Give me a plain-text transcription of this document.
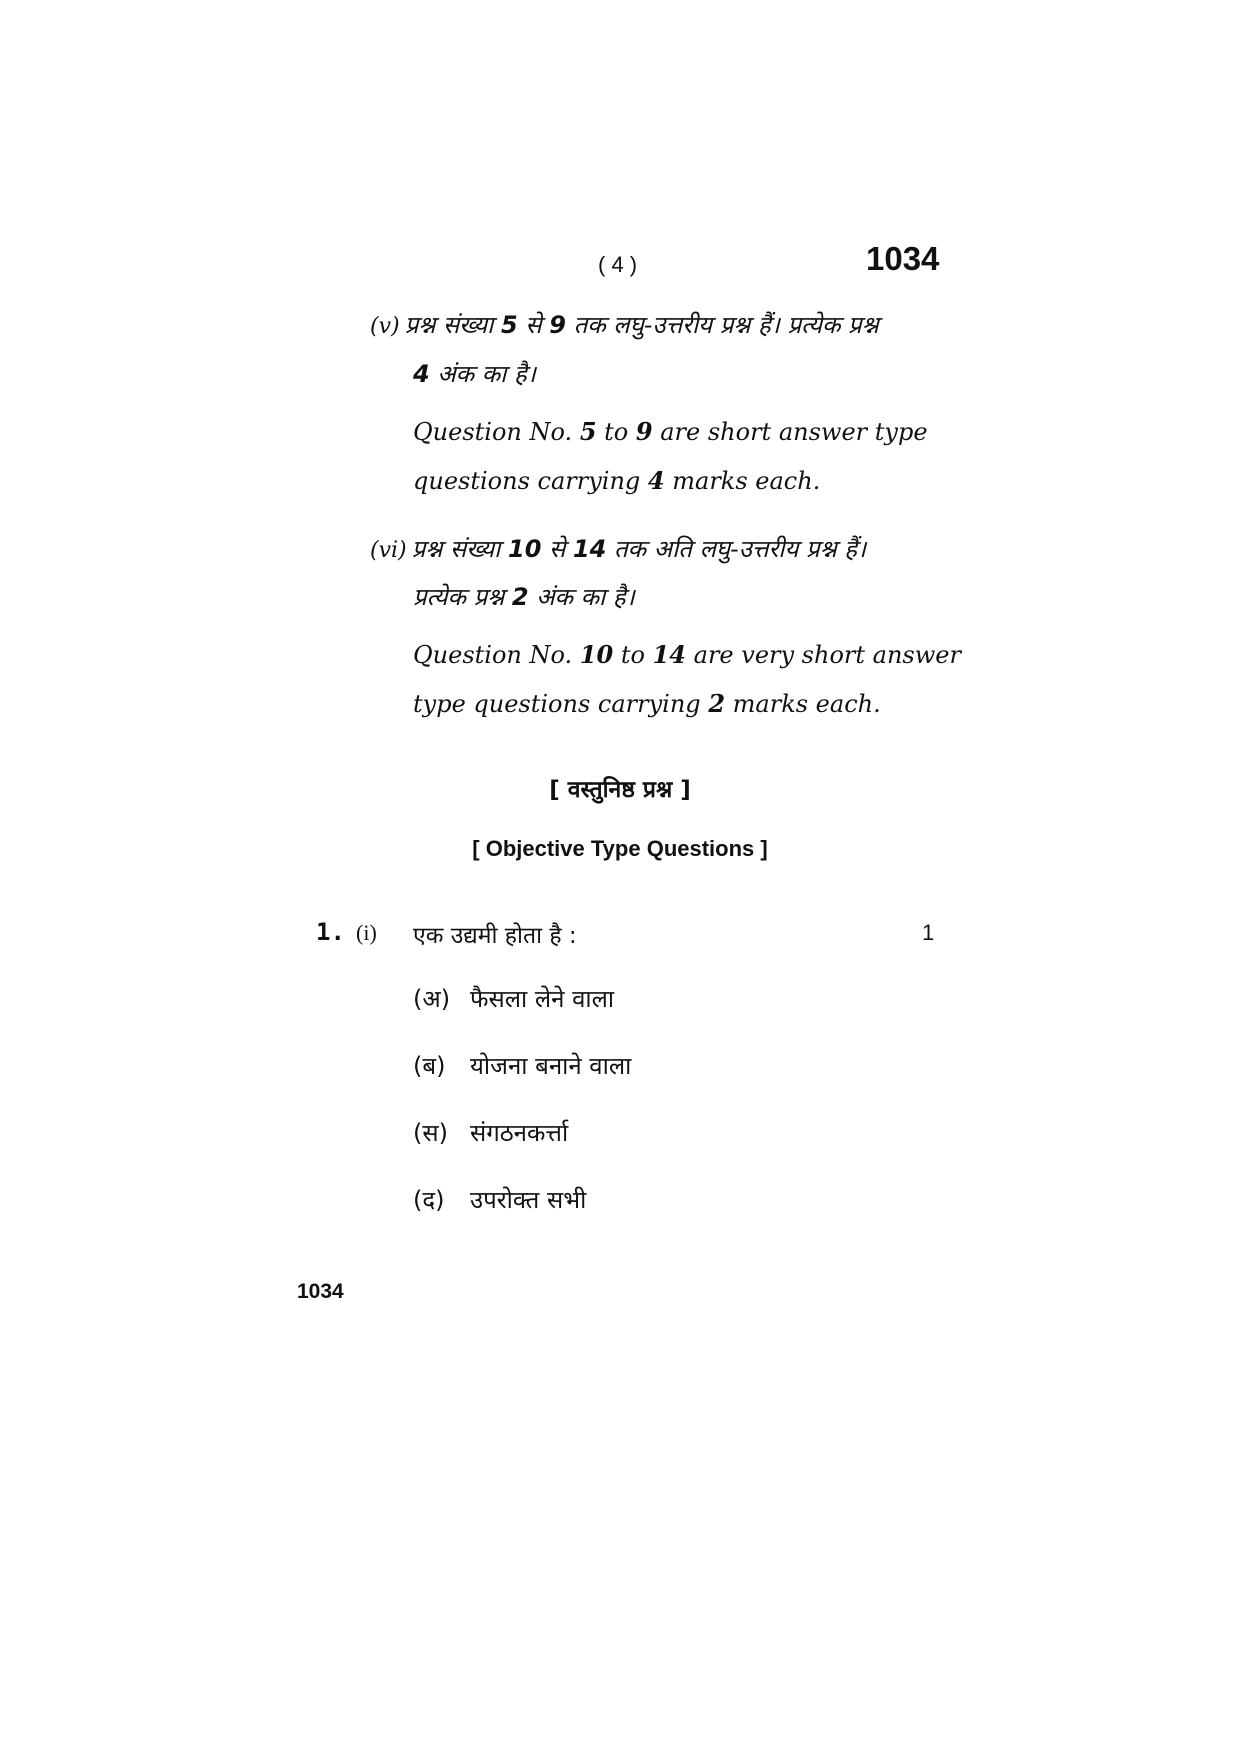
( 4 )	1034
(v) प्रश्न संख्या 5 से 9 तक लघु-उत्तरीय प्रश्न हैं। प्रत्येक प्रश्न
4 अंक का है।
Question No. 5 to 9 are short answer type
questions carrying 4 marks each.
(vi) प्रश्न संख्या 10 से 14 तक अति लघु-उत्तरीय प्रश्न हैं।
प्रत्येक प्रश्न 2 अंक का है।
Question No. 10 to 14 are very short answer
type questions carrying 2 marks each.
[ वस्तुनिष्ठ प्रश्न ]
[ Objective Type Questions ]
1. (i) एक उद्यमी होता है :	1
(अ) फैसला लेने वाला
(ब) योजना बनाने वाला
(स) संगठनकर्त्ता
(द) उपरोक्त सभी
1034
